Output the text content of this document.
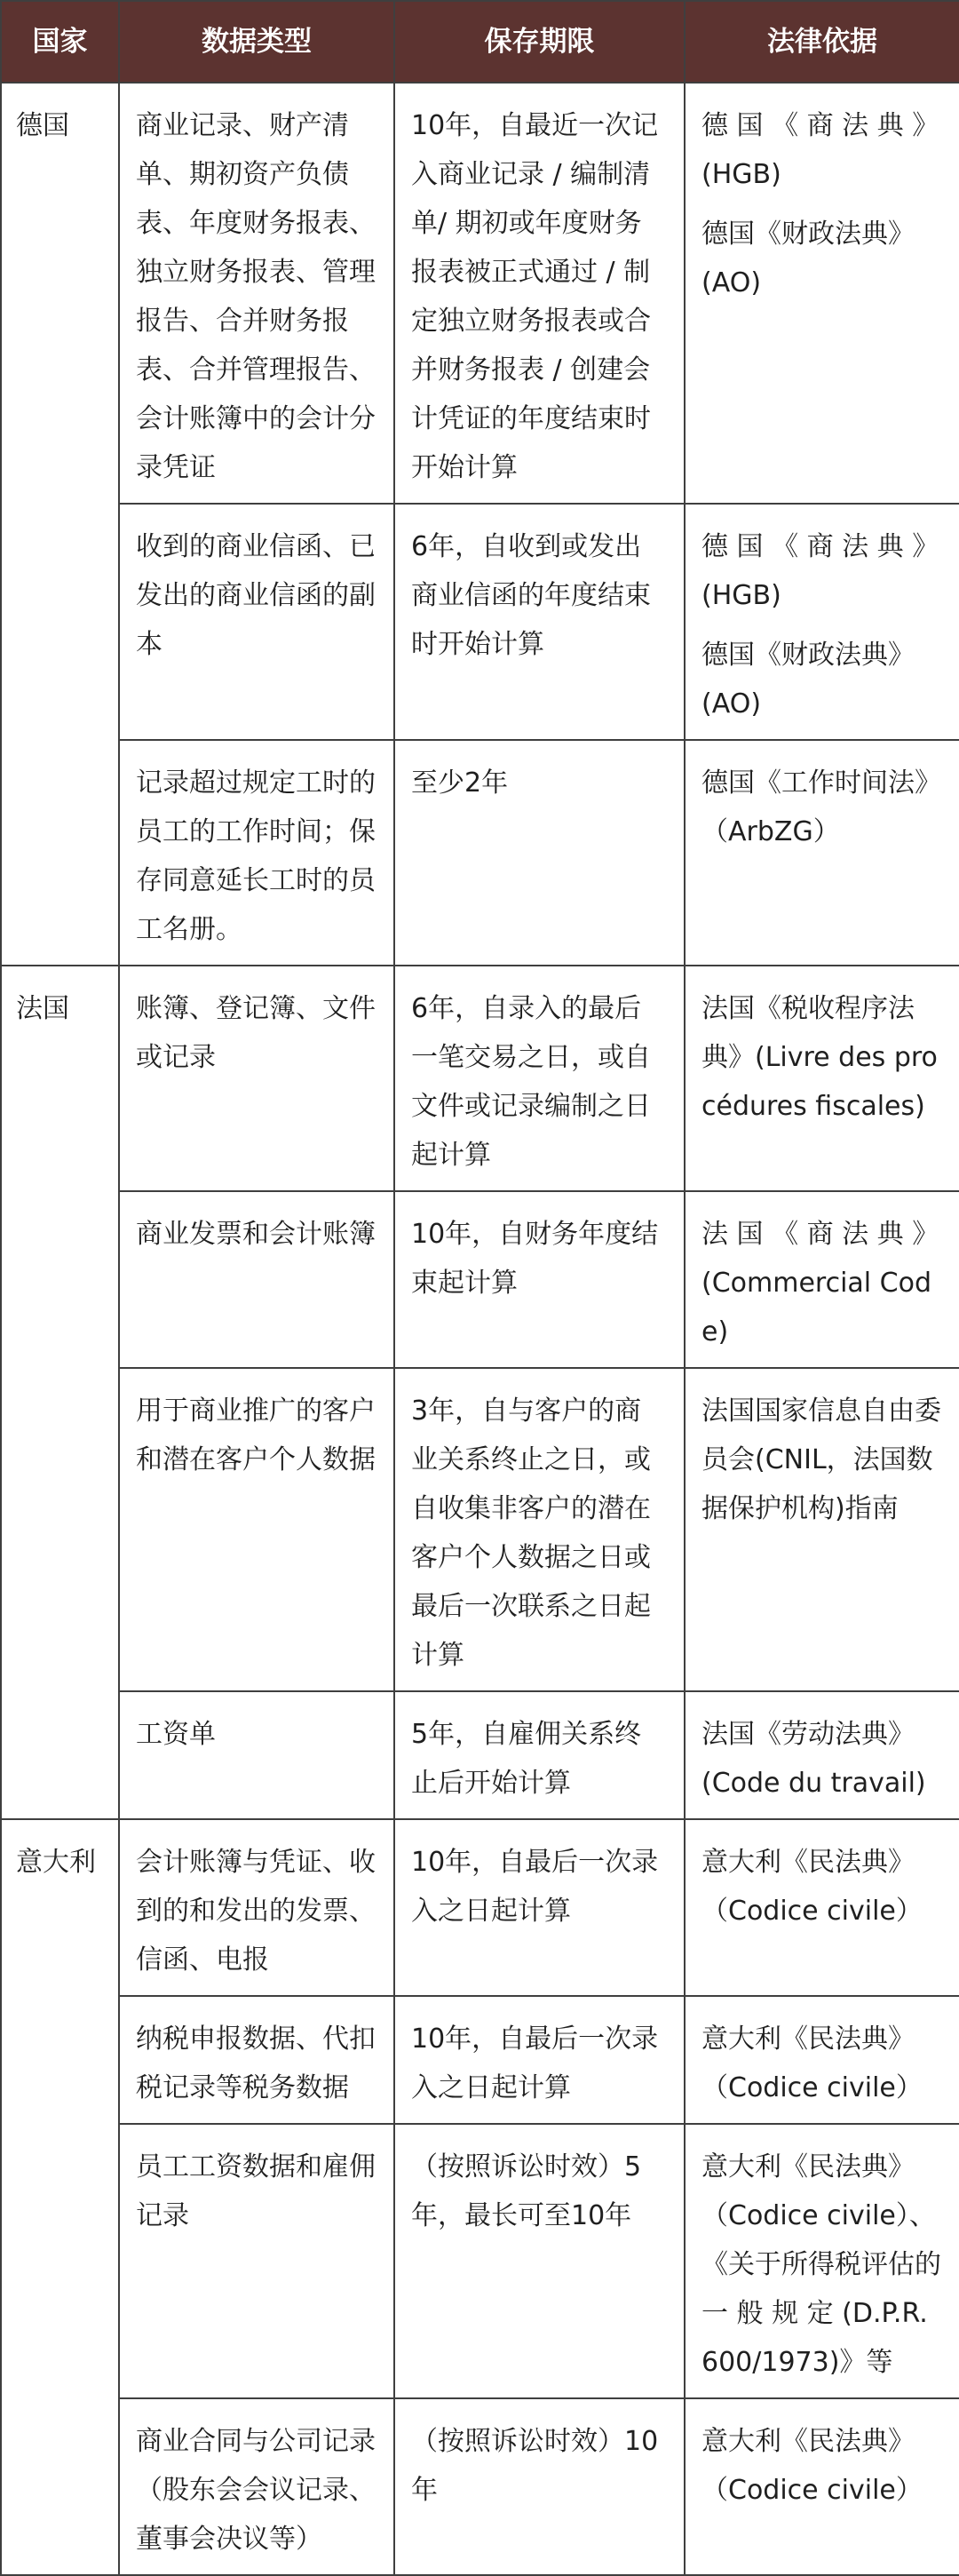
国家	数据类型	保存期限	法律依据
德国	商业记录、财产清单、期初资产负债表、年度财务报表、独立财务报表、管理报告、合并财务报表、合并管理报告、会计账簿中的会计分录凭证	10年，自最近一次记入商业记录 / 编制清单/ 期初或年度财务报表被正式通过 / 制定独立财务报表或合并财务报表 / 创建会计凭证的年度结束时开始计算	德 国 《 商 法 典 》(HGB)
德国《财政法典》(AO)

	收到的商业信函、已发出的商业信函的副本	6年，自收到或发出商业信函的年度结束时开始计算	德 国 《 商 法 典 》(HGB)
德国《财政法典》(AO)

	记录超过规定工时的员工的工作时间；保存同意延长工时的员工名册。	至少2年	德国《工作时间法》（ArbZG）

法国	账簿、登记簿、文件或记录	6年，自录入的最后一笔交易之日，或自文件或记录编制之日起计算	法国《税收程序法典》(Livre des procédures fiscales)

	商业发票和会计账簿	10年，自财务年度结束起计算	法 国 《 商 法 典 》(Commercial Code)

	用于商业推广的客户和潜在客户个人数据	3年，自与客户的商业关系终止之日，或自收集非客户的潜在客户个人数据之日或最后一次联系之日起计算	法国国家信息自由委员会(CNIL，法国数据保护机构)指南

	工资单	5年，自雇佣关系终止后开始计算	法国《劳动法典》(Code du travail)

意大利	会计账簿与凭证、收到的和发出的发票、信函、电报	10年，自最后一次录入之日起计算	意大利《民法典》（Codice civile）

	纳税申报数据、代扣税记录等税务数据	10年，自最后一次录入之日起计算	意大利《民法典》（Codice civile）

	员工工资数据和雇佣记录	（按照诉讼时效）5年，最长可至10年	意大利《民法典》（Codice civile）、《关于所得税评估的一 般 规 定 (D.P.R. 600/1973)》等

	商业合同与公司记录（股东会会议记录、董事会决议等）	（按照诉讼时效）10年	意大利《民法典》（Codice civile）
